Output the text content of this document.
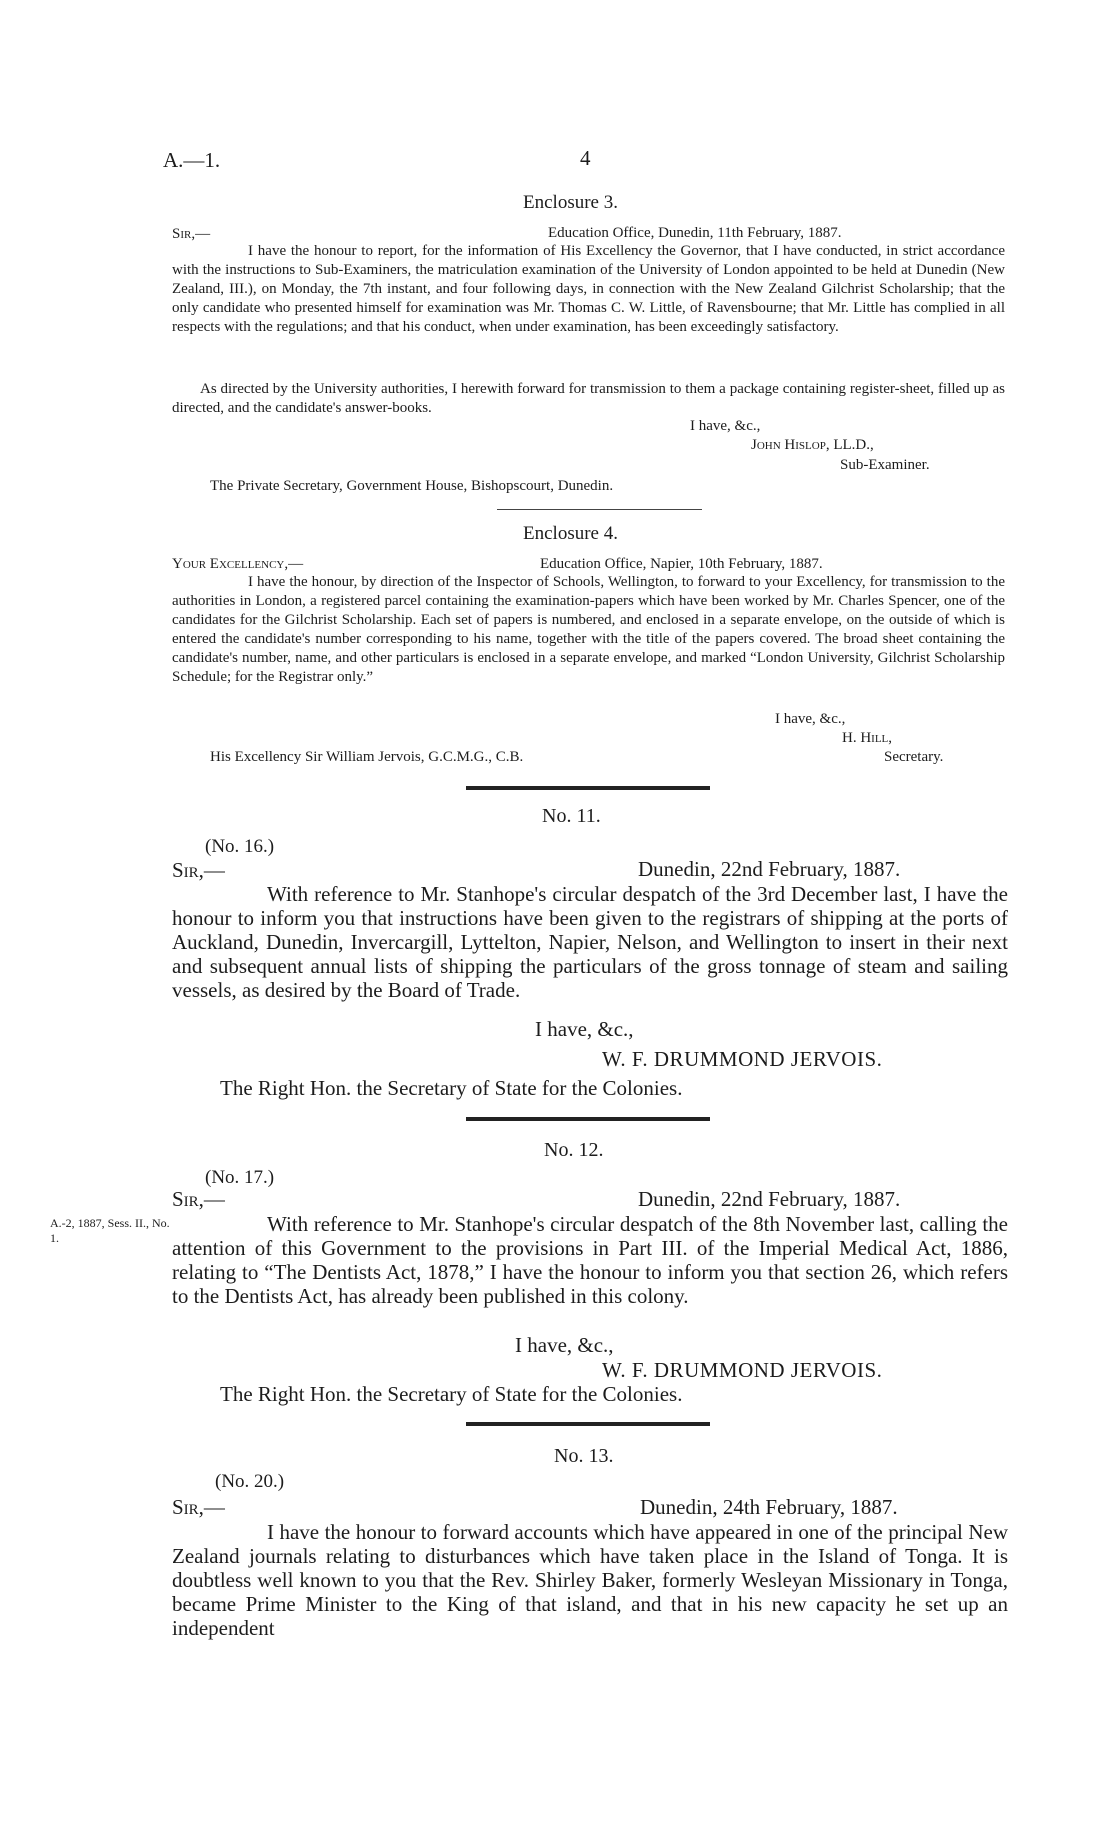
A.—1.	4
Enclosure 3.
Sir,—	Education Office, Dunedin, 11th February, 1887.
I have the honour to report, for the information of His Excellency the Governor, that I have conducted, in strict accordance with the instructions to Sub-Examiners, the matriculation examination of the University of London appointed to be held at Dunedin (New Zealand, III.), on Monday, the 7th instant, and four following days, in connection with the New Zealand Gilchrist Scholarship; that the only candidate who presented himself for examination was Mr. Thomas C. W. Little, of Ravensbourne; that Mr. Little has complied in all respects with the regulations; and that his conduct, when under examination, has been exceedingly satisfactory.
As directed by the University authorities, I herewith forward for transmission to them a package containing register-sheet, filled up as directed, and the candidate's answer-books.
I have, &c.,
John Hislop, LL.D.,
Sub-Examiner.
The Private Secretary, Government House, Bishopscourt, Dunedin.
Enclosure 4.
Your Excellency,—	Education Office, Napier, 10th February, 1887.
I have the honour, by direction of the Inspector of Schools, Wellington, to forward to your Excellency, for transmission to the authorities in London, a registered parcel containing the examination-papers which have been worked by Mr. Charles Spencer, one of the candidates for the Gilchrist Scholarship. Each set of papers is numbered, and enclosed in a separate envelope, on the outside of which is entered the candidate's number corresponding to his name, together with the title of the papers covered. The broad sheet containing the candidate's number, name, and other particulars is enclosed in a separate envelope, and marked “London University, Gilchrist Scholarship Schedule; for the Registrar only.”
I have, &c.,
H. Hill,
His Excellency Sir William Jervois, G.C.M.G., C.B.	Secretary.
No. 11.
(No. 16.)
Sir,—	Dunedin, 22nd February, 1887.
With reference to Mr. Stanhope's circular despatch of the 3rd December last, I have the honour to inform you that instructions have been given to the registrars of shipping at the ports of Auckland, Dunedin, Invercargill, Lyttelton, Napier, Nelson, and Wellington to insert in their next and subsequent annual lists of shipping the particulars of the gross tonnage of steam and sailing vessels, as desired by the Board of Trade.
I have, &c.,
W. F. DRUMMOND JERVOIS.
The Right Hon. the Secretary of State for the Colonies.
No. 12.
(No. 17.)
Sir,—	Dunedin, 22nd February, 1887.
A.-2, 1887, Sess. II., No. 1.
With reference to Mr. Stanhope's circular despatch of the 8th November last, calling the attention of this Government to the provisions in Part III. of the Imperial Medical Act, 1886, relating to “The Dentists Act, 1878,” I have the honour to inform you that section 26, which refers to the Dentists Act, has already been published in this colony.
I have, &c.,
W. F. DRUMMOND JERVOIS.
The Right Hon. the Secretary of State for the Colonies.
No. 13.
(No. 20.)
Sir,—	Dunedin, 24th February, 1887.
I have the honour to forward accounts which have appeared in one of the principal New Zealand journals relating to disturbances which have taken place in the Island of Tonga. It is doubtless well known to you that the Rev. Shirley Baker, formerly Wesleyan Missionary in Tonga, became Prime Minister to the King of that island, and that in his new capacity he set up an independent
